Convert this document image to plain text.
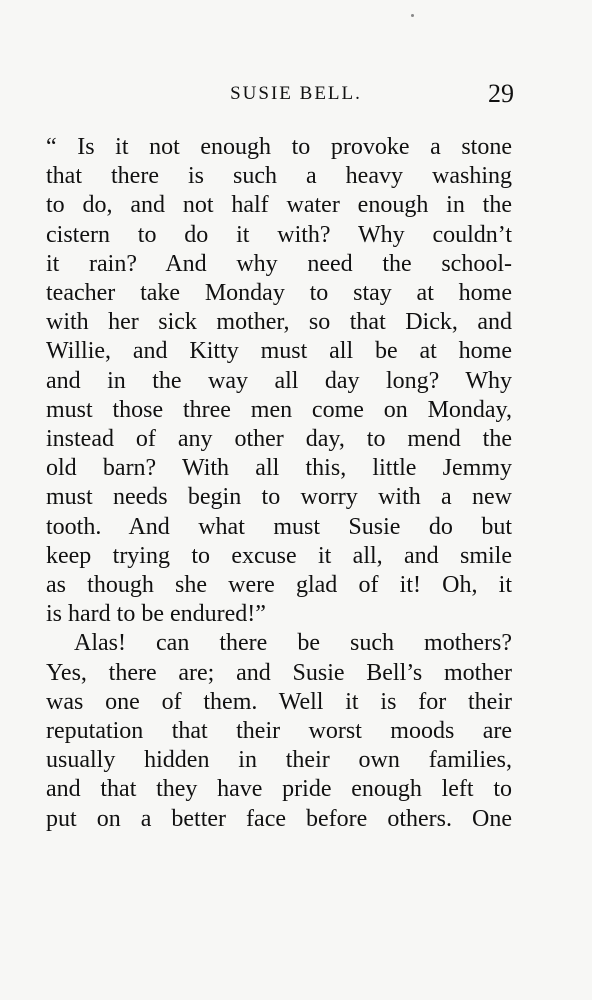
SUSIE BELL.	29
“ Is it not enough to provoke a stone
that there is such a heavy washing
to do, and not half water enough in the
cistern to do it with? Why couldn’t
it rain? And why need the school-
teacher take Monday to stay at home
with her sick mother, so that Dick, and
Willie, and Kitty must all be at home
and in the way all day long? Why
must those three men come on Monday,
instead of any other day, to mend the
old barn? With all this, little Jemmy
must needs begin to worry with a new
tooth. And what must Susie do but
keep trying to excuse it all, and smile
as though she were glad of it! Oh, it
is hard to be endured!”
Alas! can there be such mothers?
Yes, there are; and Susie Bell’s mother
was one of them. Well it is for their
reputation that their worst moods are
usually hidden in their own families,
and that they have pride enough left to
put on a better face before others. One
